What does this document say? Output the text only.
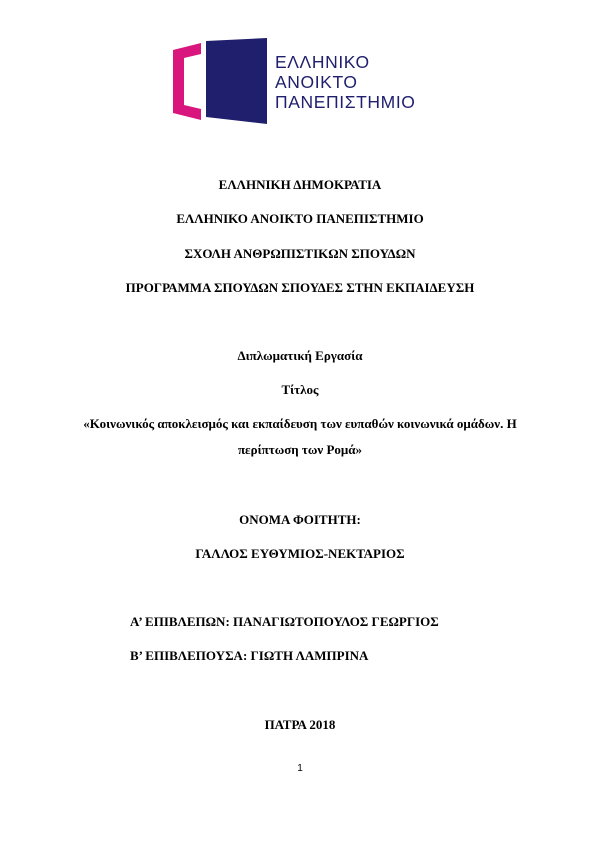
ΕΛΛΗΝΙΚΟ
ΑΝΟΙΚΤΟ
ΠΑΝΕΠΙΣΤΗΜΙΟ
ΕΛΛΗΝΙΚΗ ΔΗΜΟΚΡΑΤΙΑ
ΕΛΛΗΝΙΚΟ ΑΝΟΙΚΤΟ ΠΑΝΕΠΙΣΤΗΜΙΟ
ΣΧΟΛΗ ΑΝΘΡΩΠΙΣΤΙΚΩΝ ΣΠΟΥΔΩΝ
ΠΡΟΓΡΑΜΜΑ ΣΠΟΥΔΩΝ ΣΠΟΥΔΕΣ ΣΤΗΝ ΕΚΠΑΙΔΕΥΣΗ
Διπλωματική Εργασία
Τίτλος
«Κοινωνικός αποκλεισμός και εκπαίδευση των ευπαθών κοινωνικά ομάδων. Η περίπτωση των Ρομά»
ΟΝΟΜΑ ΦΟΙΤΗΤΗ:
ΓΑΛΛΟΣ ΕΥΘΥΜΙΟΣ-ΝΕΚΤΑΡΙΟΣ
Α’ ΕΠΙΒΛΕΠΩΝ: ΠΑΝΑΓΙΩΤΟΠΟΥΛΟΣ ΓΕΩΡΓΙΟΣ
Β’ ΕΠΙΒΛΕΠΟΥΣΑ: ΓΙΩΤΗ ΛΑΜΠΡΙΝΑ
ΠΑΤΡΑ 2018
1
